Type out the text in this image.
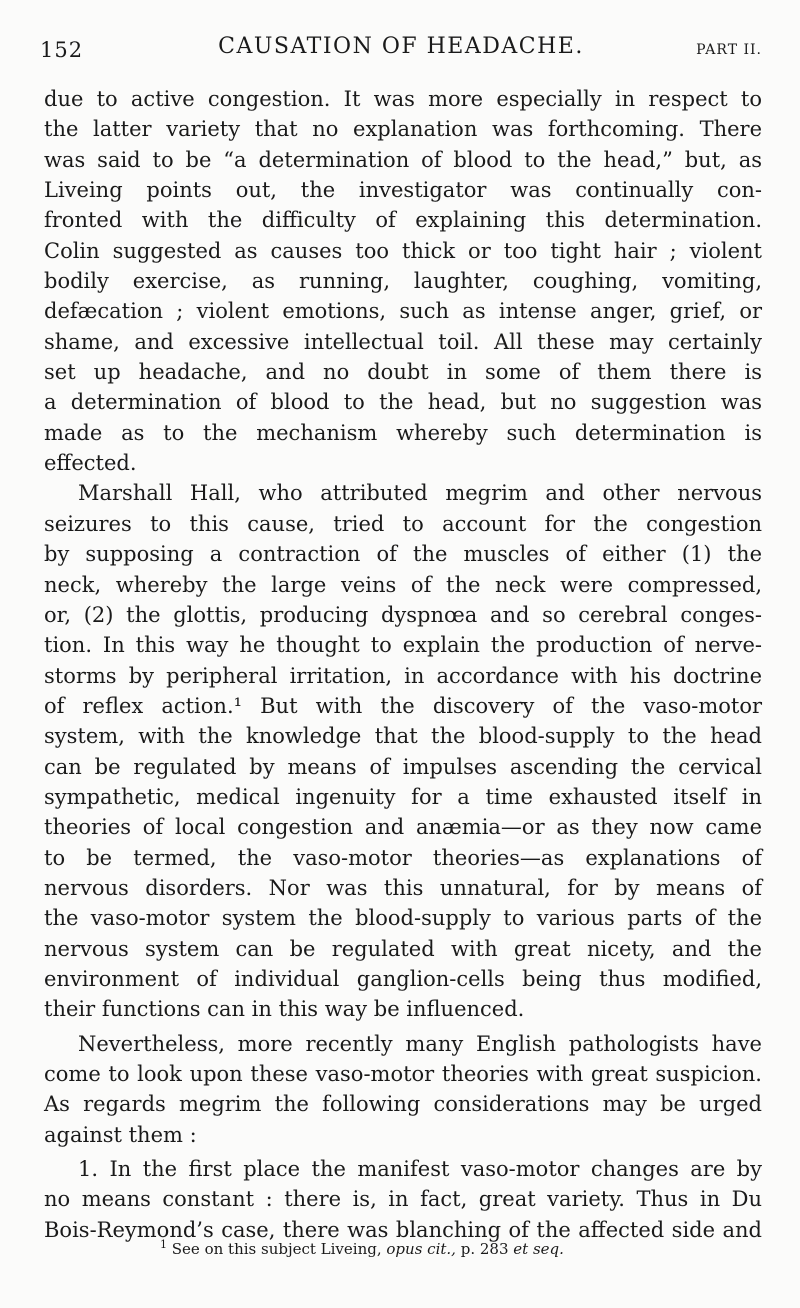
152	CAUSATION OF HEADACHE.	PART II.
due to active congestion. It was more especially in respect to
the latter variety that no explanation was forthcoming. There
was said to be “a determination of blood to the head,” but, as
Liveing points out, the investigator was continually con-
fronted with the difficulty of explaining this determination.
Colin suggested as causes too thick or too tight hair ; violent
bodily exercise, as running, laughter, coughing, vomiting,
defæcation ; violent emotions, such as intense anger, grief, or
shame, and excessive intellectual toil. All these may certainly
set up headache, and no doubt in some of them there is
a determination of blood to the head, but no suggestion was
made as to the mechanism whereby such determination is
effected.
Marshall Hall, who attributed megrim and other nervous
seizures to this cause, tried to account for the congestion
by supposing a contraction of the muscles of either (1) the
neck, whereby the large veins of the neck were compressed,
or, (2) the glottis, producing dyspnœa and so cerebral conges-
tion. In this way he thought to explain the production of nerve-
storms by peripheral irritation, in accordance with his doctrine
of reflex action.¹ But with the discovery of the vaso-motor
system, with the knowledge that the blood-supply to the head
can be regulated by means of impulses ascending the cervical
sympathetic, medical ingenuity for a time exhausted itself in
theories of local congestion and anæmia—or as they now came
to be termed, the vaso-motor theories—as explanations of
nervous disorders. Nor was this unnatural, for by means of
the vaso-motor system the blood-supply to various parts of the
nervous system can be regulated with great nicety, and the
environment of individual ganglion-cells being thus modified,
their functions can in this way be influenced.
Nevertheless, more recently many English pathologists have
come to look upon these vaso-motor theories with great suspicion.
As regards megrim the following considerations may be urged
against them :
1. In the first place the manifest vaso-motor changes are by
no means constant : there is, in fact, great variety. Thus in Du
Bois-Reymond’s case, there was blanching of the affected side and
$^1$ See on this subject Liveing, opus cit., p. 283 et seq.
